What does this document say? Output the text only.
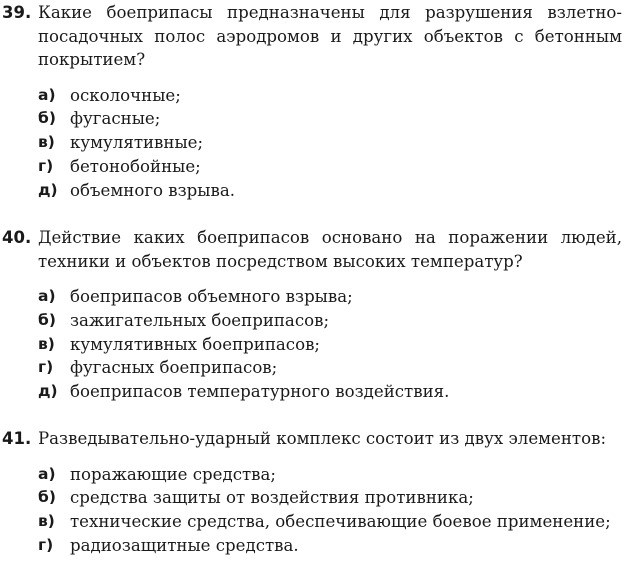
39. Какие боеприпасы предназначены для разрушения взлетно-посадочных полос аэродромов и других объектов с бетонным покрытием?
а) осколочные;
б) фугасные;
в) кумулятивные;
г) бетонобойные;
д) объемного взрыва.
40. Действие каких боеприпасов основано на поражении людей, техники и объектов посредством высоких температур?
а) боеприпасов объемного взрыва;
б) зажигательных боеприпасов;
в) кумулятивных боеприпасов;
г) фугасных боеприпасов;
д) боеприпасов температурного воздействия.
41. Разведывательно-ударный комплекс состоит из двух элементов:
а) поражающие средства;
б) средства защиты от воздействия противника;
в) технические средства, обеспечивающие боевое применение;
г) радиозащитные средства.
